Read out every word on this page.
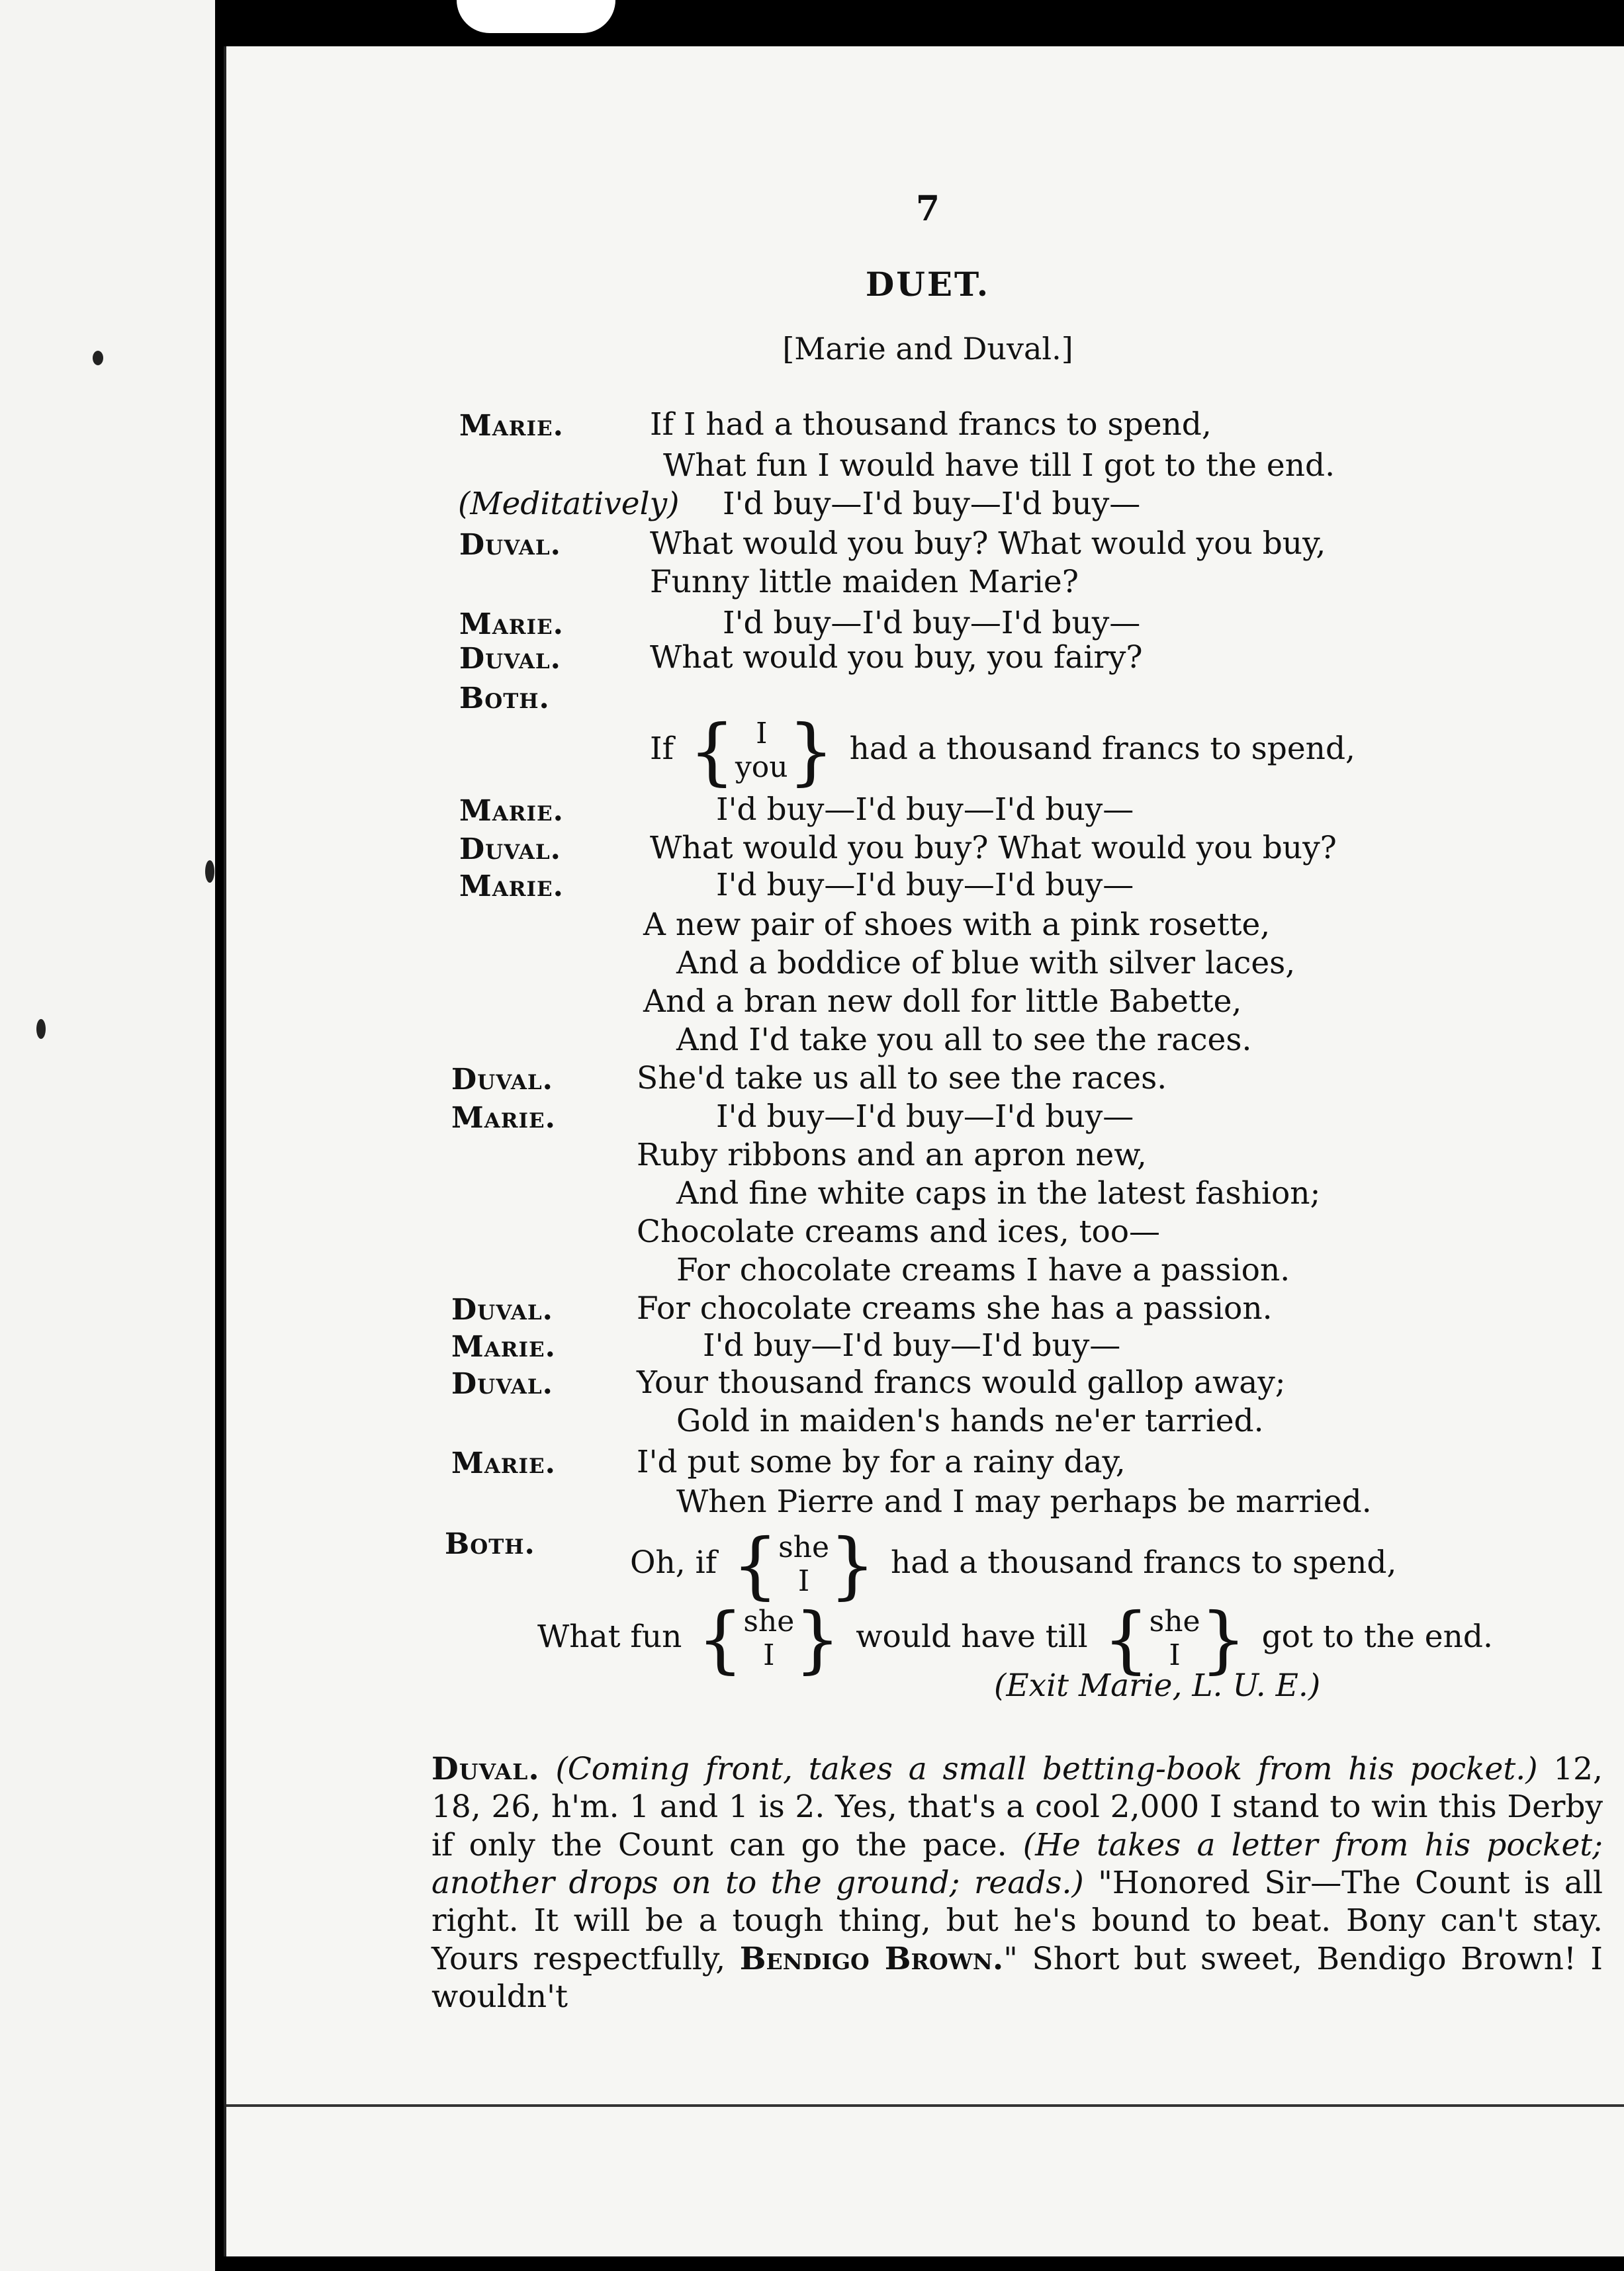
7
DUET.
[Marie and Duval.]
Marie.	If I had a thousand francs to spend,
What fun I would have till I got to the end.
(Meditatively) I'd buy—I'd buy—I'd buy—
Duval.	What would you buy? What would you buy,
Funny little maiden Marie?
Marie.	I'd buy—I'd buy—I'd buy—
Duval.	What would you buy, you fairy?
Both.
If { I
you} had a thousand francs to spend,
Marie.	I'd buy—I'd buy—I'd buy—
Duval.	What would you buy? What would you buy?
Marie.	I'd buy—I'd buy—I'd buy—
A new pair of shoes with a pink rosette,
And a boddice of blue with silver laces,
And a bran new doll for little Babette,
And I'd take you all to see the races.
Duval.	She'd take us all to see the races.
Marie.	I'd buy—I'd buy—I'd buy—
Ruby ribbons and an apron new,
And fine white caps in the latest fashion;
Chocolate creams and ices, too—
For chocolate creams I have a passion.
Duval.	For chocolate creams she has a passion.
Marie.	I'd buy—I'd buy—I'd buy—
Duval.	Your thousand francs would gallop away;
Gold in maiden's hands ne'er tarried.
Marie.	I'd put some by for a rainy day,
When Pierre and I may perhaps be married.
Both.
Oh, if {she
I } had a thousand francs to spend,
What fun {she
I } would have till {she
I } got to the end.
(Exit Marie, L. U. E.)
Duval. (Coming front, takes a small betting-book from his pocket.) 12, 18, 26, h'm. 1 and 1 is 2. Yes, that's a cool 2,000 I stand to win this Derby if only the Count can go the pace. (He takes a letter from his pocket; another drops on to the ground; reads.) "Honored Sir—The Count is all right. It will be a tough thing, but he's bound to beat. Bony can't stay. Yours respectfully, Bendigo Brown." Short but sweet, Bendigo Brown! I wouldn't
